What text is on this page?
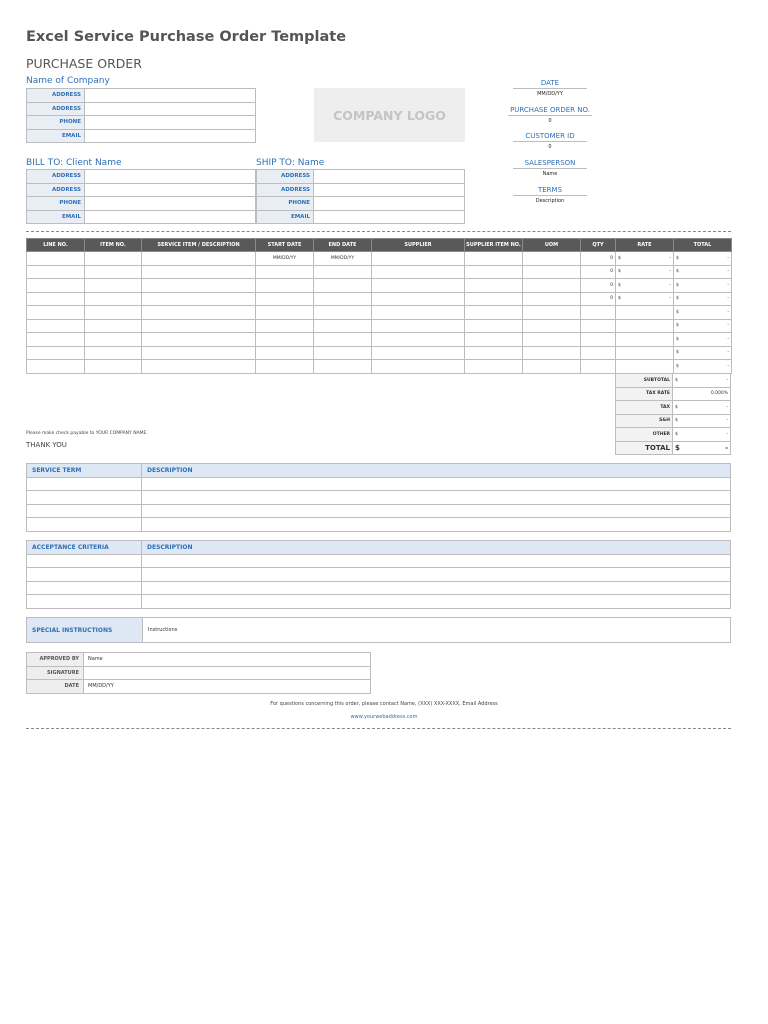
Excel Service Purchase Order Template
PURCHASE ORDER
Name of Company
ADDRESS	
ADDRESS	
PHONE	
EMAIL	
COMPANY LOGO
DATE
MM/DD/YY
PURCHASE ORDER NO.
0
CUSTOMER ID
0
SALESPERSON
Name
TERMS
Description
BILL TO: Client Name	SHIP TO: Name
ADDRESS	
ADDRESS	
PHONE	
EMAIL	
ADDRESS	
ADDRESS	
PHONE	
EMAIL	
LINE NO.	ITEM NO.	SERVICE ITEM / DESCRIPTION	START DATE	END DATE	SUPPLIER	SUPPLIER ITEM NO.	UOM	QTY	RATE	TOTAL
			MM/DD/YY	MM/DD/YY				0	$ -	$ -

								0	$ -	$ -

								0	$ -	$ -

								0	$ -	$ -

										$ -

										$ -

										$ -

										$ -

										$ -
SUBTOTAL	$ -

TAX RATE	0.000%

TAX	$ -

S&H	$ -

OTHER	$ -

TOTAL	$ -
Please make check payable to YOUR COMPANY NAME.
THANK YOU
SERVICE TERM	DESCRIPTION

ACCEPTANCE CRITERIA	DESCRIPTION

SPECIAL INSTRUCTIONS	Instructions
APPROVED BY	Name
SIGNATURE	
DATE	MM/DD/YY
For questions concerning this order, please contact Name, (XXX) XXX-XXXX, Email Address
www.yourwebaddress.com
